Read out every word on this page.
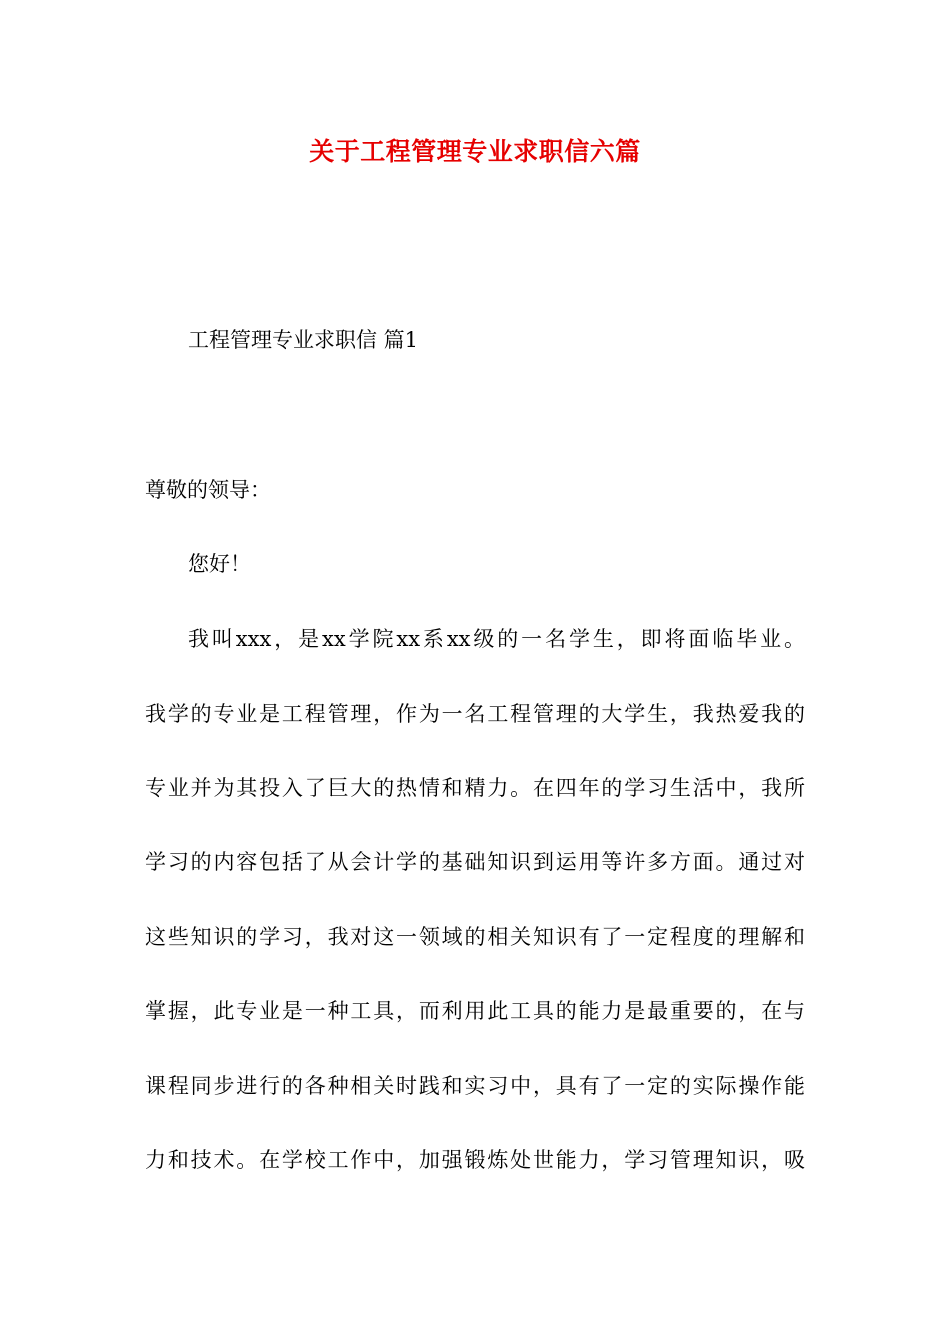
关于工程管理专业求职信六篇
工程管理专业求职信 篇1
尊敬的领导：
您好！
我叫xxx，是xx学院xx系xx级的一名学生，即将面临毕业。
我学的专业是工程管理，作为一名工程管理的大学生，我热爱我的
专业并为其投入了巨大的热情和精力。在四年的学习生活中，我所
学习的内容包括了从会计学的基础知识到运用等许多方面。通过对
这些知识的学习，我对这一领域的相关知识有了一定程度的理解和
掌握，此专业是一种工具，而利用此工具的能力是最重要的，在与
课程同步进行的各种相关时践和实习中，具有了一定的实际操作能
力和技术。在学校工作中，加强锻炼处世能力，学习管理知识，吸
